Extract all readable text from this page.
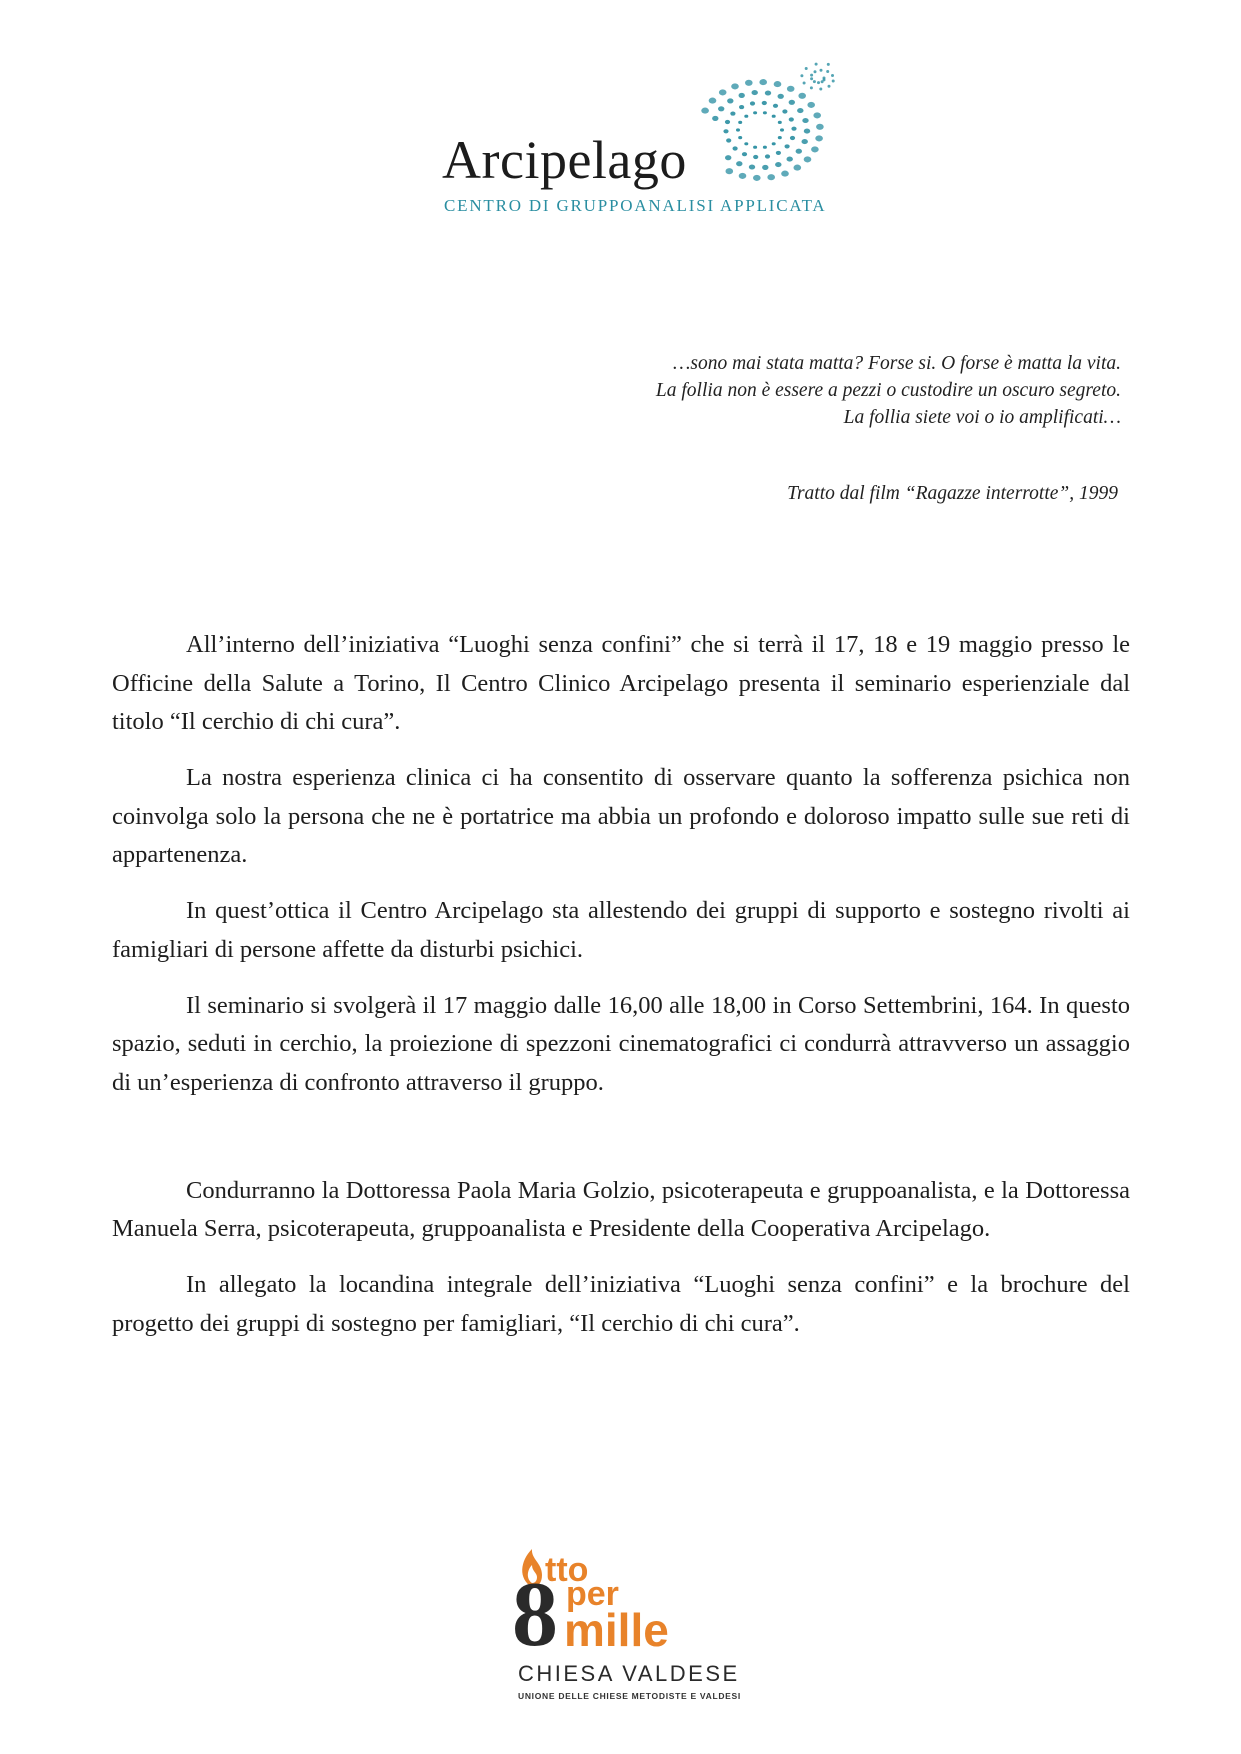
Arcipelago
CENTRO DI GRUPPOANALISI APPLICATA
…sono mai stata matta? Forse si. O forse è matta la vita.
La follia non è essere a pezzi o custodire un oscuro segreto.
La follia siete voi o io amplificati…
Tratto dal film “Ragazze interrotte”, 1999

All’interno dell’iniziativa “Luoghi senza confini” che si terrà il 17, 18 e 19 maggio presso le Officine della Salute a Torino, Il Centro Clinico Arcipelago presenta il seminario esperienziale dal titolo “Il cerchio di chi cura”.

La nostra esperienza clinica ci ha consentito di osservare quanto la sofferenza psichica non coinvolga solo la persona che ne è portatrice ma abbia un profondo e doloroso impatto sulle sue reti di appartenenza.

In quest’ottica il Centro Arcipelago sta allestendo dei gruppi di supporto e sostegno rivolti ai famigliari di persone affette da disturbi psichici.

Il seminario si svolgerà il 17 maggio dalle 16,00 alle 18,00 in Corso Settembrini, 164. In questo spazio, seduti in cerchio, la proiezione di spezzoni cinematografici ci condurrà attravverso un assaggio di un’esperienza di confronto attraverso il gruppo.

Condurranno la Dottoressa Paola Maria Golzio, psicoterapeuta e gruppoanalista, e la Dottoressa Manuela Serra, psicoterapeuta, gruppoanalista e Presidente della Cooperativa Arcipelago.

In allegato la locandina integrale dell’iniziativa “Luoghi senza confini” e la brochure del progetto dei gruppi di sostegno per famigliari, “Il cerchio di chi cura”.

tto
8 per
mille
CHIESA VALDESE
UNIONE DELLE CHIESE METODISTE E VALDESI
